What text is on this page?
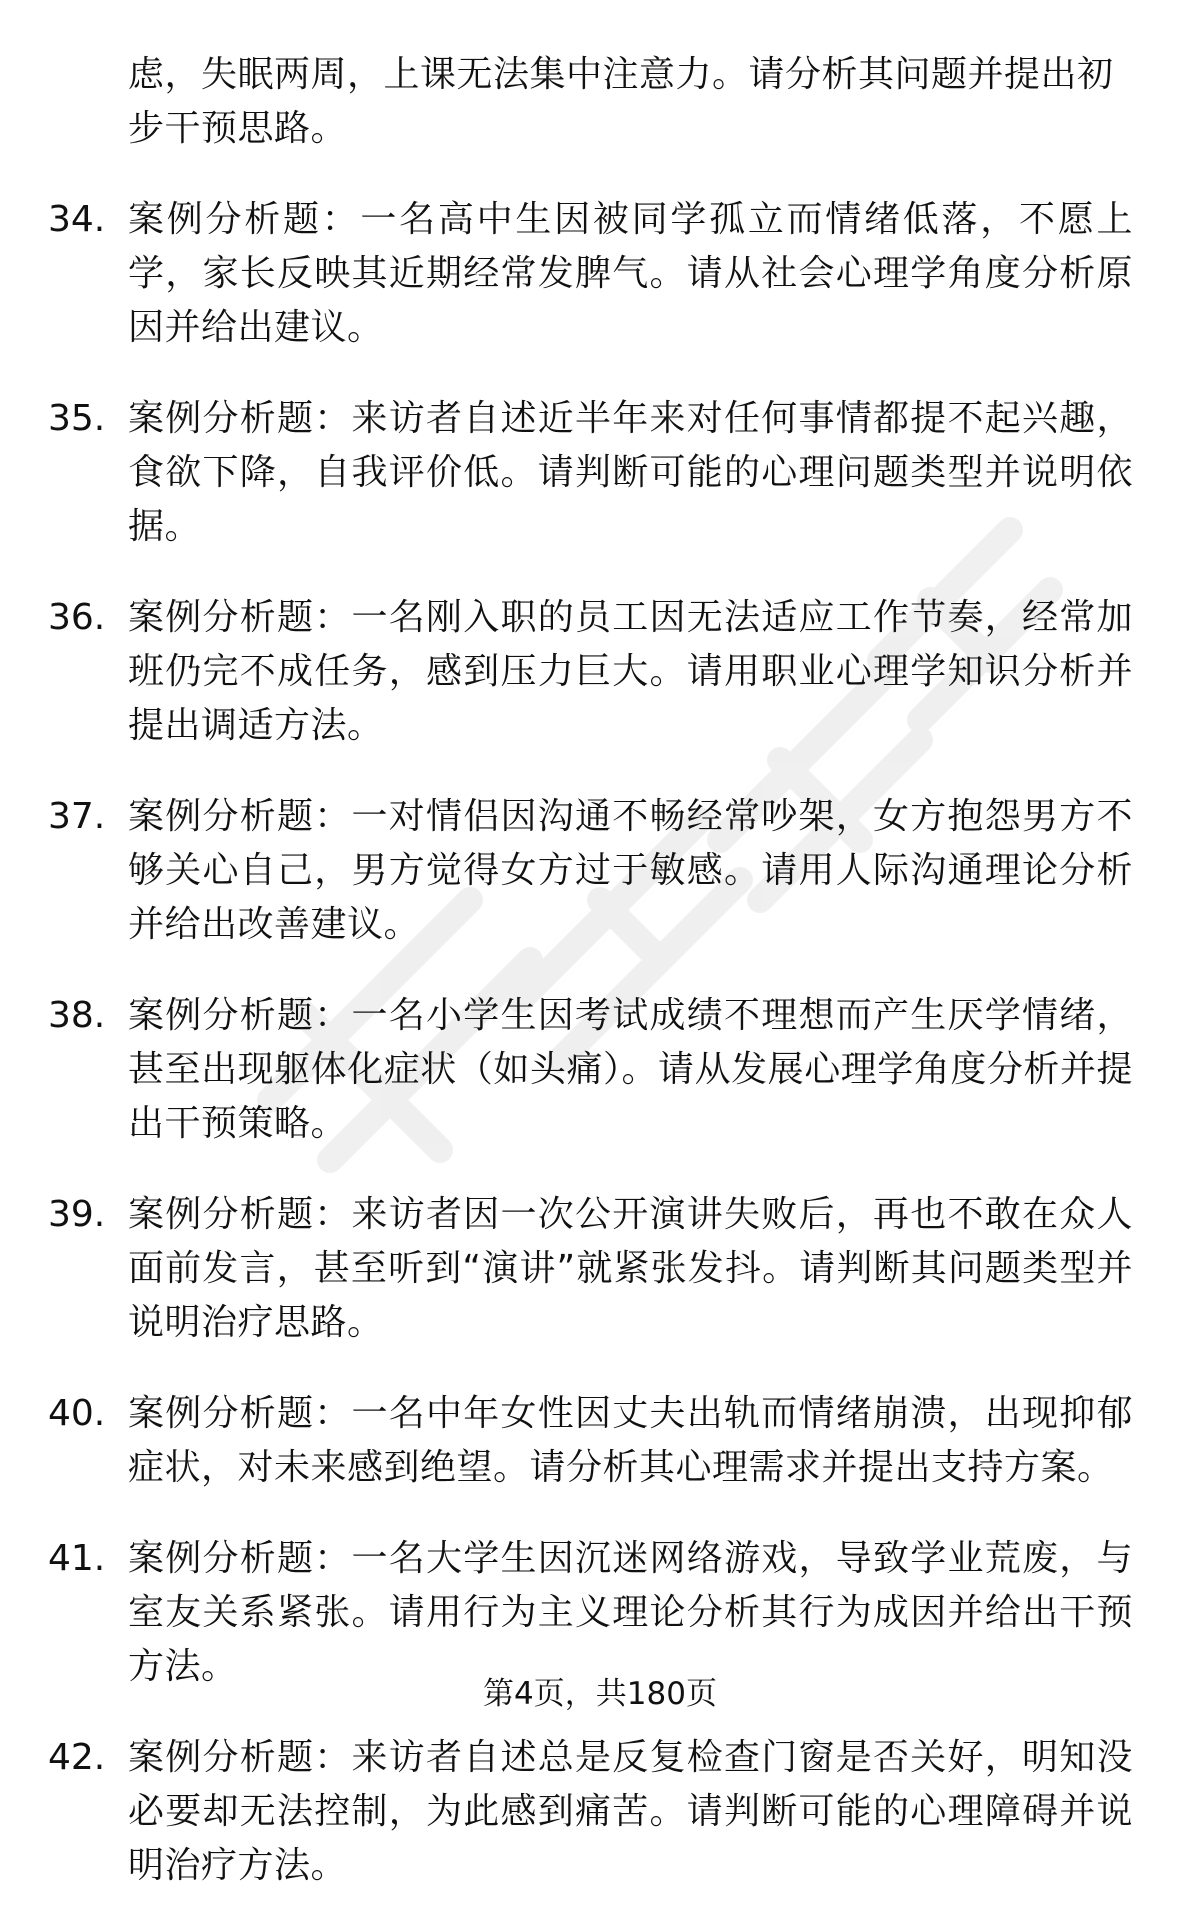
虑，失眠两周，上课无法集中注意力。请分析其问题并提出初步干预思路。
34. 案例分析题：一名高中生因被同学孤立而情绪低落，不愿上学，家长反映其近期经常发脾气。请从社会心理学角度分析原因并给出建议。
35. 案例分析题：来访者自述近半年来对任何事情都提不起兴趣，食欲下降，自我评价低。请判断可能的心理问题类型并说明依据。
36. 案例分析题：一名刚入职的员工因无法适应工作节奏，经常加班仍完不成任务，感到压力巨大。请用职业心理学知识分析并提出调适方法。
37. 案例分析题：一对情侣因沟通不畅经常吵架，女方抱怨男方不够关心自己，男方觉得女方过于敏感。请用人际沟通理论分析并给出改善建议。
38. 案例分析题：一名小学生因考试成绩不理想而产生厌学情绪，甚至出现躯体化症状（如头痛）。请从发展心理学角度分析并提出干预策略。
39. 案例分析题：来访者因一次公开演讲失败后，再也不敢在众人面前发言，甚至听到“演讲”就紧张发抖。请判断其问题类型并说明治疗思路。
40. 案例分析题：一名中年女性因丈夫出轨而情绪崩溃，出现抑郁症状，对未来感到绝望。请分析其心理需求并提出支持方案。
41. 案例分析题：一名大学生因沉迷网络游戏，导致学业荒废，与室友关系紧张。请用行为主义理论分析其行为成因并给出干预方法。
42. 案例分析题：来访者自述总是反复检查门窗是否关好，明知没必要却无法控制，为此感到痛苦。请判断可能的心理障碍并说明治疗方法。
第4页，共180页
